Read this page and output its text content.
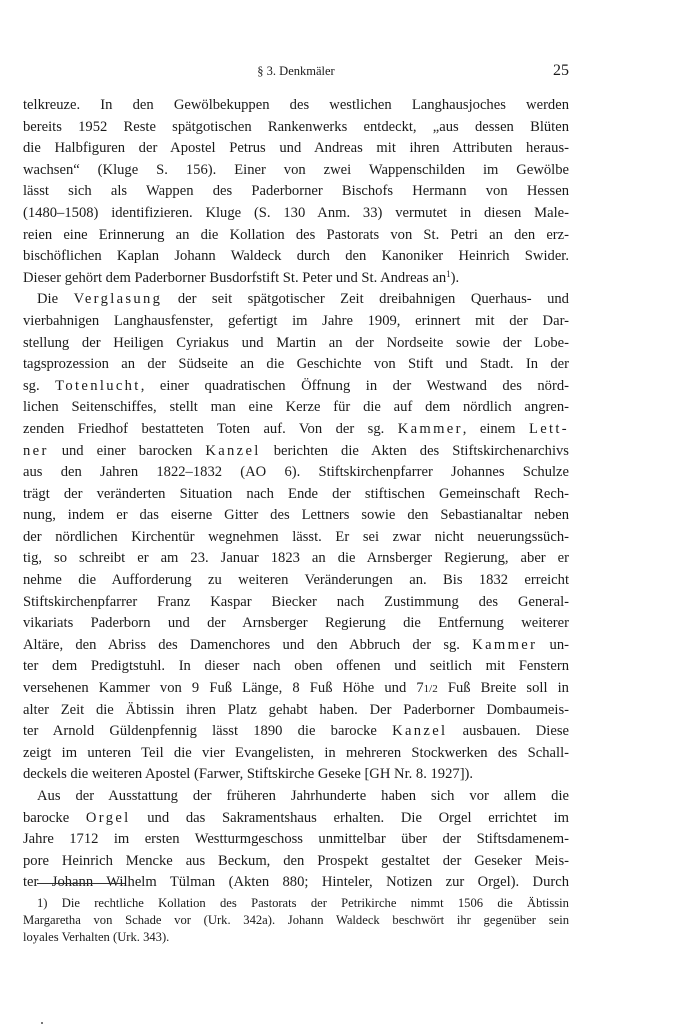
§ 3. Denkmäler	25
telkreuze. In den Gewölbekuppen des westlichen Langhausjoches werden
bereits 1952 Reste spätgotischen Rankenwerks entdeckt, „aus dessen Blüten
die Halbfiguren der Apostel Petrus und Andreas mit ihren Attributen heraus-
wachsen“ (Kluge S. 156). Einer von zwei Wappenschilden im Gewölbe
lässt sich als Wappen des Paderborner Bischofs Hermann von Hessen
(1480–1508) identifizieren. Kluge (S. 130 Anm. 33) vermutet in diesen Male-
reien eine Erinnerung an die Kollation des Pastorats von St. Petri an den erz-
bischöflichen Kaplan Johann Waldeck durch den Kanoniker Heinrich Swider.
Dieser gehört dem Paderborner Busdorfstift St. Peter und St. Andreas an$^1$).
Die Verglasung der seit spätgotischer Zeit dreibahnigen Querhaus- und
vierbahnigen Langhausfenster, gefertigt im Jahre 1909, erinnert mit der Dar-
stellung der Heiligen Cyriakus und Martin an der Nordseite sowie der Lobe-
tagsprozession an der Südseite an die Geschichte von Stift und Stadt. In der
sg. Totenlucht, einer quadratischen Öffnung in der Westwand des nörd-
lichen Seitenschiffes, stellt man eine Kerze für die auf dem nördlich angren-
zenden Friedhof bestatteten Toten auf. Von der sg. Kammer, einem Lett-
ner und einer barocken Kanzel berichten die Akten des Stiftskirchenarchivs
aus den Jahren 1822–1832 (AO 6). Stiftskirchenpfarrer Johannes Schulze
trägt der veränderten Situation nach Ende der stiftischen Gemeinschaft Rech-
nung, indem er das eiserne Gitter des Lettners sowie den Sebastianaltar neben
der nördlichen Kirchentür wegnehmen lässt. Er sei zwar nicht neuerungssüch-
tig, so schreibt er am 23. Januar 1823 an die Arnsberger Regierung, aber er
nehme die Aufforderung zu weiteren Veränderungen an. Bis 1832 erreicht
Stiftskirchenpfarrer Franz Kaspar Biecker nach Zustimmung des General-
vikariats Paderborn und der Arnsberger Regierung die Entfernung weiterer
Altäre, den Abriss des Damenchores und den Abbruch der sg. Kammer un-
ter dem Predigtstuhl. In dieser nach oben offenen und seitlich mit Fenstern
versehenen Kammer von 9 Fuß Länge, 8 Fuß Höhe und 71/2 Fuß Breite soll in
alter Zeit die Äbtissin ihren Platz gehabt haben. Der Paderborner Dombaumeis-
ter Arnold Güldenpfennig lässt 1890 die barocke Kanzel ausbauen. Diese
zeigt im unteren Teil die vier Evangelisten, in mehreren Stockwerken des Schall-
deckels die weiteren Apostel (Farwer, Stiftskirche Geseke [GH Nr. 8. 1927]).
Aus der Ausstattung der früheren Jahrhunderte haben sich vor allem die
barocke Orgel und das Sakramentshaus erhalten. Die Orgel errichtet im
Jahre 1712 im ersten Westturmgeschoss unmittelbar über der Stiftsdamenem-
pore Heinrich Mencke aus Beckum, den Prospekt gestaltet der Geseker Meis-
ter Johann Wilhelm Tülman (Akten 880; Hinteler, Notizen zur Orgel). Durch
1) Die rechtliche Kollation des Pastorats der Petrikirche nimmt 1506 die Äbtissin
Margaretha von Schade vor (Urk. 342a). Johann Waldeck beschwört ihr gegenüber sein
loyales Verhalten (Urk. 343).
